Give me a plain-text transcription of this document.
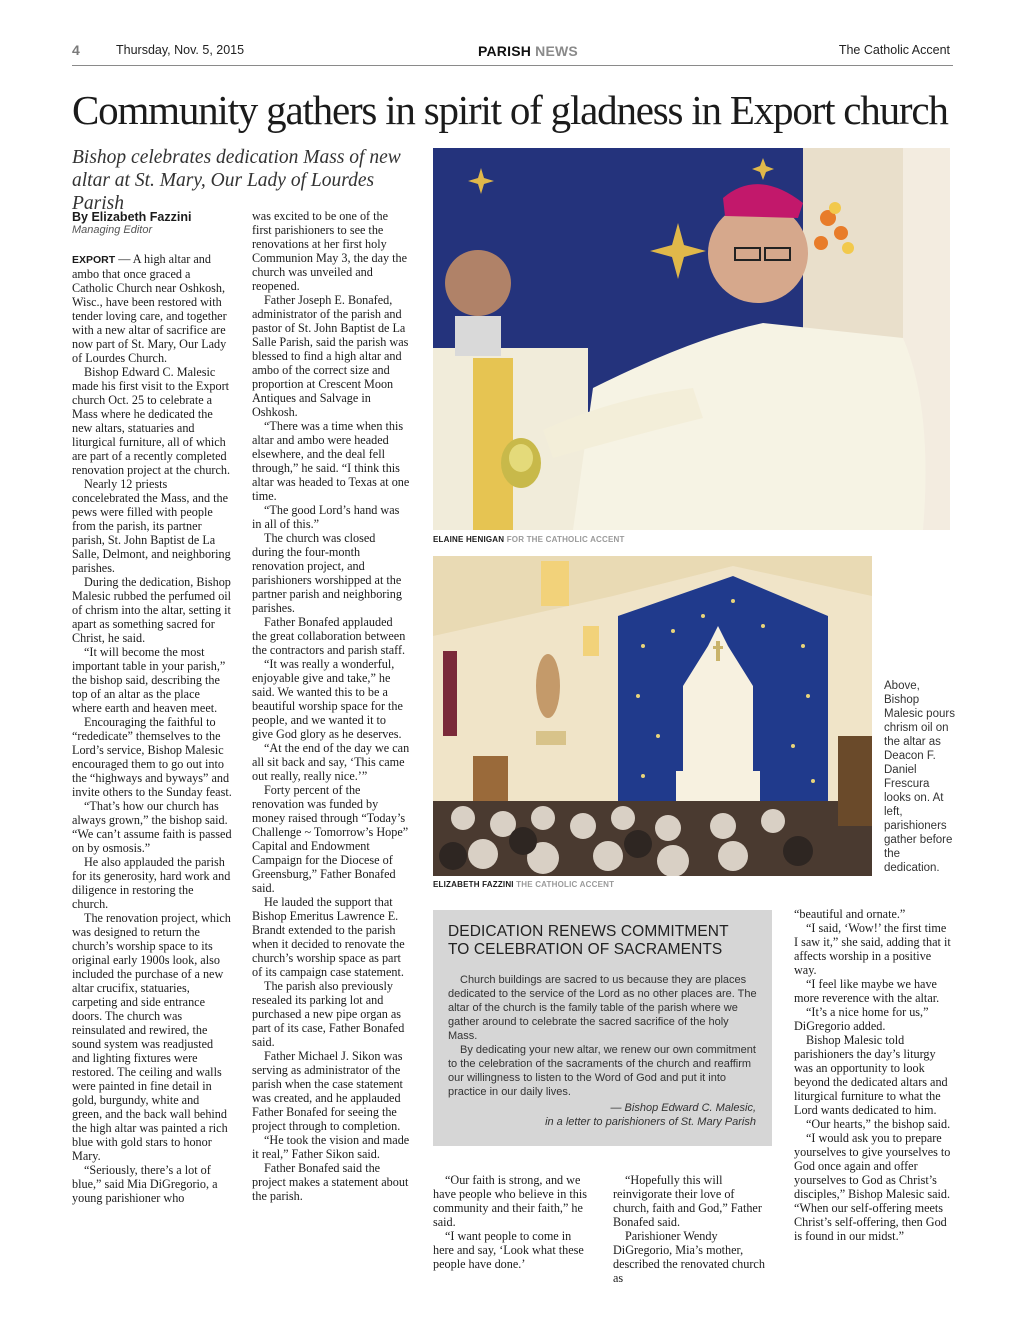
4	Thursday, Nov. 5, 2015	PARISH NEWS	The Catholic Accent
Community gathers in spirit of gladness in Export church
Bishop celebrates dedication Mass of new altar at St. Mary, Our Lady of Lourdes Parish
By Elizabeth Fazzini
Managing Editor

EXPORT — A high altar and ambo that once graced a Catholic Church near Oshkosh, Wisc., have been restored with tender loving care, and together with a new altar of sacrifice are now part of St. Mary, Our Lady of Lourdes Church.

Bishop Edward C. Malesic made his first visit to the Export church Oct. 25 to celebrate a Mass where he dedicated the new altars, statuaries and liturgical furniture, all of which are part of a recently completed renovation project at the church.

Nearly 12 priests concelebrated the Mass, and the pews were filled with people from the parish, its partner parish, St. John Baptist de La Salle, Delmont, and neighboring parishes.

During the dedication, Bishop Malesic rubbed the perfumed oil of chrism into the altar, setting it apart as something sacred for Christ, he said.

“It will become the most important table in your parish,” the bishop said, describing the top of an altar as the place where earth and heaven meet.

Encouraging the faithful to “rededicate” themselves to the Lord’s service, Bishop Malesic encouraged them to go out into the “highways and byways” and invite others to the Sunday feast.

“That’s how our church has always grown,” the bishop said. “We can’t assume faith is passed on by osmosis.”

He also applauded the parish for its generosity, hard work and diligence in restoring the church.

The renovation project, which was designed to return the church’s worship space to its original early 1900s look, also included the purchase of a new altar crucifix, statuaries, carpeting and side entrance doors. The church was reinsulated and rewired, the sound system was readjusted and lighting fixtures were restored. The ceiling and walls were painted in fine detail in gold, burgundy, white and green, and the back wall behind the high altar was painted a rich blue with gold stars to honor Mary.

“Seriously, there’s a lot of blue,” said Mia DiGregorio, a young parishioner who

was excited to be one of the first parishioners to see the renovations at her first holy Communion May 3, the day the church was unveiled and reopened.

Father Joseph E. Bonafed, administrator of the parish and pastor of St. John Baptist de La Salle Parish, said the parish was blessed to find a high altar and ambo of the correct size and proportion at Crescent Moon Antiques and Salvage in Oshkosh.

“There was a time when this altar and ambo were headed elsewhere, and the deal fell through,” he said. “I think this altar was headed to Texas at one time.

“The good Lord’s hand was in all of this.”

The church was closed during the four-month renovation project, and parishioners worshipped at the partner parish and neighboring parishes.

Father Bonafed applauded the great collaboration between the contractors and parish staff.

“It was really a wonderful, enjoyable give and take,” he said. We wanted this to be a beautiful worship space for the people, and we wanted it to give God glory as he deserves.

“At the end of the day we can all sit back and say, ‘This came out really, really nice.’”

Forty percent of the renovation was funded by money raised through “Today’s Challenge ~ Tomorrow’s Hope” Capital and Endowment Campaign for the Diocese of Greensburg,” Father Bonafed said.

He lauded the support that Bishop Emeritus Lawrence E. Brandt extended to the parish when it decided to renovate the church’s worship space as part of its campaign case statement.

The parish also previously resealed its parking lot and purchased a new pipe organ as part of its case, Father Bonafed said.

Father Michael J. Sikon was serving as administrator of the parish when the case statement was created, and he applauded Father Bonafed for seeing the project through to completion.

“He took the vision and made it real,” Father Sikon said.

Father Bonafed said the project makes a statement about the parish.

ELAINE HENIGAN FOR THE CATHOLIC ACCENT
ELIZABETH FAZZINI THE CATHOLIC ACCENT
Above, Bishop Malesic pours chrism oil on the altar as Deacon F. Daniel Frescura looks on. At left, parishioners gather before the dedication.
DEDICATION RENEWS COMMITMENT TO CELEBRATION OF SACRAMENTS

Church buildings are sacred to us because they are places dedicated to the service of the Lord as no other places are. The altar of the church is the family table of the parish where we gather around to celebrate the sacred sacrifice of the holy Mass.

By dedicating your new altar, we renew our own commitment to the celebration of the sacraments of the church and reaffirm our willingness to listen to the Word of God and put it into practice in our daily lives.

— Bishop Edward C. Malesic,
in a letter to parishioners of St. Mary Parish

“Our faith is strong, and we have people who believe in this community and their faith,” he said.

“I want people to come in here and say, ‘Look what these people have done.’

“Hopefully this will reinvigorate their love of church, faith and God,” Father Bonafed said.

Parishioner Wendy DiGregorio, Mia’s mother, described the renovated church as

“beautiful and ornate.”

“I said, ‘Wow!’ the first time I saw it,” she said, adding that it affects worship in a positive way.

“I feel like maybe we have more reverence with the altar.

“It’s a nice home for us,” DiGregorio added.

Bishop Malesic told parishioners the day’s liturgy was an opportunity to look beyond the dedicated altars and liturgical furniture to what the Lord wants dedicated to him.

“Our hearts,” the bishop said.

“I would ask you to prepare yourselves to give yourselves to God once again and offer yourselves to God as Christ’s disciples,” Bishop Malesic said. “When our self-offering meets Christ’s self-offering, then God is found in our midst.”
